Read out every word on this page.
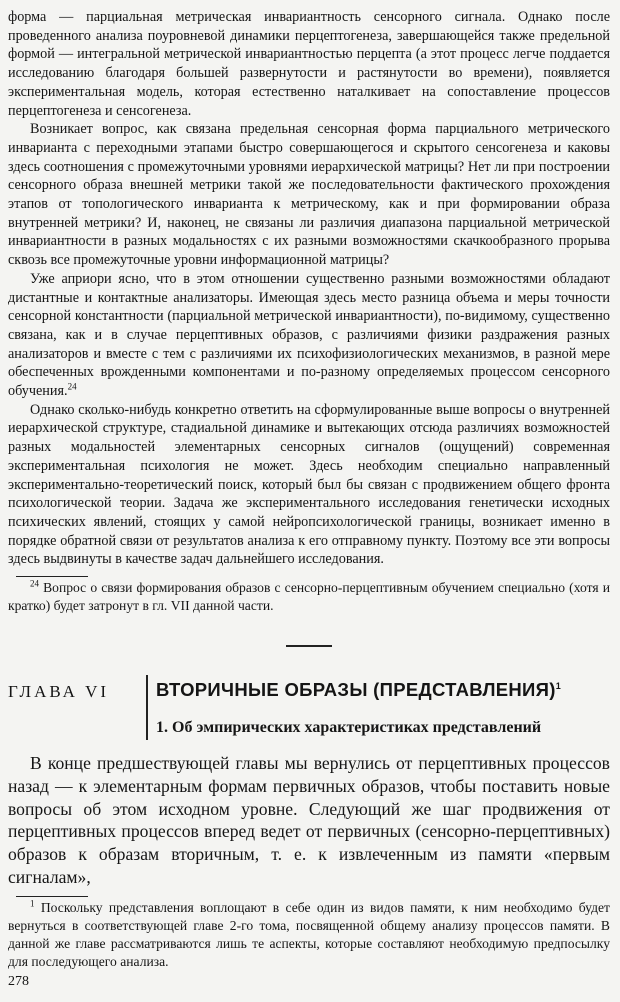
форма — парциальная метрическая инвариантность сенсорного сигнала. Однако после проведенного анализа поуровневой динамики перцептогенеза, завершающейся также предельной формой — интегральной метрической инвариантностью перцепта (а этот процесс легче поддается исследованию благодаря большей развернутости и растянутости во времени), появляется экспериментальная модель, которая естественно наталкивает на сопоставление процессов перцептогенеза и сенсогенеза.

Возникает вопрос, как связана предельная сенсорная форма парциального метрического инварианта с переходными этапами быстро совершающегося и скрытого сенсогенеза и каковы здесь соотношения с промежуточными уровнями иерархической матрицы? Нет ли при построении сенсорного образа внешней метрики такой же последовательности фактического прохождения этапов от топологического инварианта к метрическому, как и при формировании образа внутренней метрики? И, наконец, не связаны ли различия диапазона парциальной метрической инвариантности в разных модальностях с их разными возможностями скачкообразного прорыва сквозь все промежуточные уровни информационной матрицы?

Уже априори ясно, что в этом отношении существенно разными возможностями обладают дистантные и контактные анализаторы. Имеющая здесь место разница объема и меры точности сенсорной константности (парциальной метрической инвариантности), по-видимому, существенно связана, как и в случае перцептивных образов, с различиями физики раздражения разных анализаторов и вместе с тем с различиями их психофизиологических механизмов, в разной мере обеспеченных врожденными компонентами и по-разному определяемых процессом сенсорного обучения.$^{24}$

Однако сколько-нибудь конкретно ответить на сформулированные выше вопросы о внутренней иерархической структуре, стадиальной динамике и вытекающих отсюда различиях возможностей разных модальностей элементарных сенсорных сигналов (ощущений) современная экспериментальная психология не может. Здесь необходим специально направленный экспериментально-теоретический поиск, который был бы связан с продвижением общего фронта психологической теории. Задача же экспериментального исследования генетически исходных психических явлений, стоящих у самой нейропсихологической границы, возникает именно в порядке обратной связи от результатов анализа к его отправному пункту. Поэтому все эти вопросы здесь выдвинуты в качестве задач дальнейшего исследования.

$^{24}$ Вопрос о связи формирования образов с сенсорно-перцептивным обучением специально (хотя и кратко) будет затронут в гл. VII данной части.

ГЛАВА VI	ВТОРИЧНЫЕ ОБРАЗЫ (ПРЕДСТАВЛЕНИЯ)$^1$
1. Об эмпирических характеристиках представлений

В конце предшествующей главы мы вернулись от перцептивных процессов назад — к элементарным формам первичных образов, чтобы поставить новые вопросы об этом исходном уровне. Следующий же шаг продвижения от перцептивных процессов вперед ведет от первичных (сенсорно-перцептивных) образов к образам вторичным, т. е. к извлеченным из памяти «первым сигналам»,

$^1$ Поскольку представления воплощают в себе один из видов памяти, к ним необходимо будет вернуться в соответствующей главе 2-го тома, посвященной общему анализу процессов памяти. В данной же главе рассматриваются лишь те аспекты, которые составляют необходимую предпосылку для последующего анализа.

278
